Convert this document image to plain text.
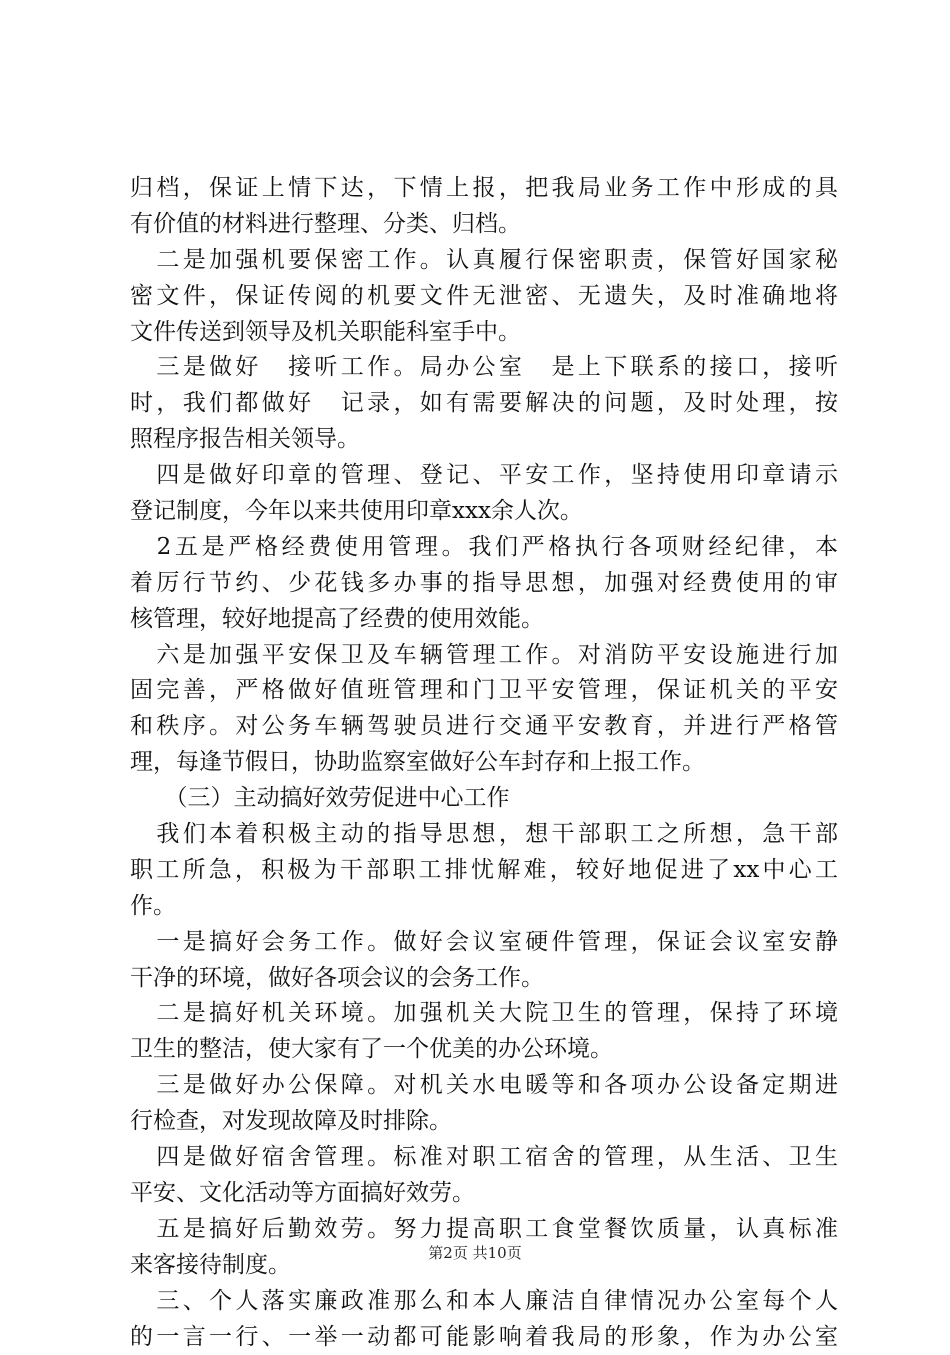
归档，保证上情下达，下情上报，把我局业务工作中形成的具
有价值的材料进行整理、分类、归档。
　二是加强机要保密工作。认真履行保密职责，保管好国家秘
密文件，保证传阅的机要文件无泄密、无遗失，及时准确地将
文件传送到领导及机关职能科室手中。
　三是做好　接听工作。局办公室　是上下联系的接口，接听
时，我们都做好　记录，如有需要解决的问题，及时处理，按
照程序报告相关领导。
　四是做好印章的管理、登记、平安工作，坚持使用印章请示
登记制度，今年以来共使用印章xxx余人次。
　2五是严格经费使用管理。我们严格执行各项财经纪律，本
着厉行节约、少花钱多办事的指导思想，加强对经费使用的审
核管理，较好地提高了经费的使用效能。
　六是加强平安保卫及车辆管理工作。对消防平安设施进行加
固完善，严格做好值班管理和门卫平安管理，保证机关的平安
和秩序。对公务车辆驾驶员进行交通平安教育，并进行严格管
理，每逢节假日，协助监察室做好公车封存和上报工作。
　（三）主动搞好效劳促进中心工作
　我们本着积极主动的指导思想，想干部职工之所想，急干部
职工所急，积极为干部职工排忧解难，较好地促进了xx中心工
作。
　一是搞好会务工作。做好会议室硬件管理，保证会议室安静
干净的环境，做好各项会议的会务工作。
　二是搞好机关环境。加强机关大院卫生的管理，保持了环境
卫生的整洁，使大家有了一个优美的办公环境。
　三是做好办公保障。对机关水电暖等和各项办公设备定期进
行检查，对发现故障及时排除。
　四是做好宿舍管理。标准对职工宿舍的管理，从生活、卫生
平安、文化活动等方面搞好效劳。
　五是搞好后勤效劳。努力提高职工食堂餐饮质量，认真标准
来客接待制度。
　三、个人落实廉政准那么和本人廉洁自律情况办公室每个人
的一言一行、一举一动都可能影响着我局的形象，作为办公室
第2页 共10页
